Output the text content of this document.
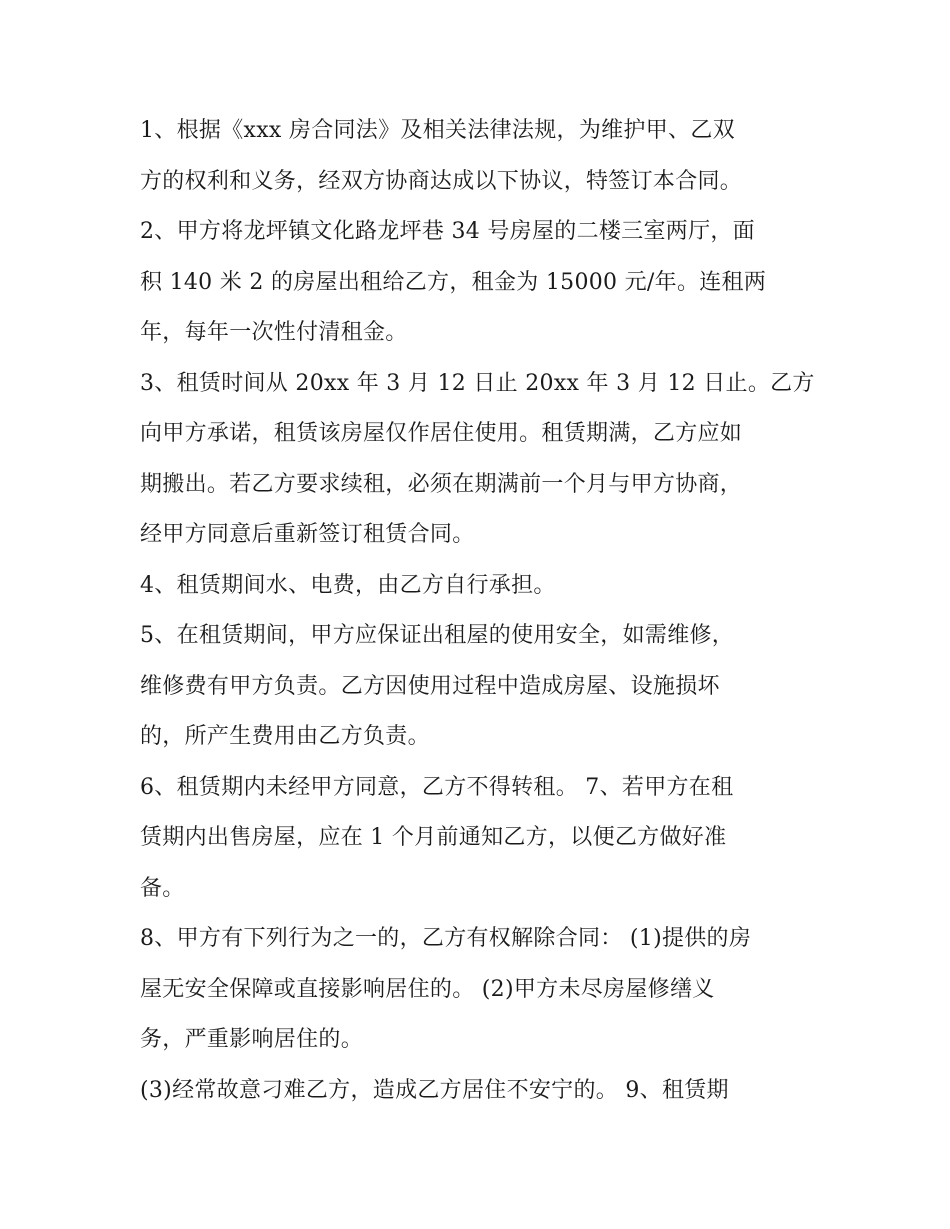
1、根据《xxx 房合同法》及相关法律法规，为维护甲、乙双
方的权利和义务，经双方协商达成以下协议，特签订本合同。
2、甲方将龙坪镇文化路龙坪巷 34 号房屋的二楼三室两厅，面
积 140 米 2 的房屋出租给乙方，租金为 15000 元/年。连租两
年，每年一次性付清租金。
3、租赁时间从 20xx 年 3 月 12 日止 20xx 年 3 月 12 日止。乙方
向甲方承诺，租赁该房屋仅作居住使用。租赁期满，乙方应如
期搬出。若乙方要求续租，必须在期满前一个月与甲方协商，
经甲方同意后重新签订租赁合同。
4、租赁期间水、电费，由乙方自行承担。
5、在租赁期间，甲方应保证出租屋的使用安全，如需维修，
维修费有甲方负责。乙方因使用过程中造成房屋、设施损坏
的，所产生费用由乙方负责。
6、租赁期内未经甲方同意，乙方不得转租。 7、若甲方在租
赁期内出售房屋，应在 1 个月前通知乙方，以便乙方做好准
备。
8、甲方有下列行为之一的，乙方有权解除合同： (1)提供的房
屋无安全保障或直接影响居住的。 (2)甲方未尽房屋修缮义
务，严重影响居住的。
(3)经常故意刁难乙方，造成乙方居住不安宁的。 9、租赁期
